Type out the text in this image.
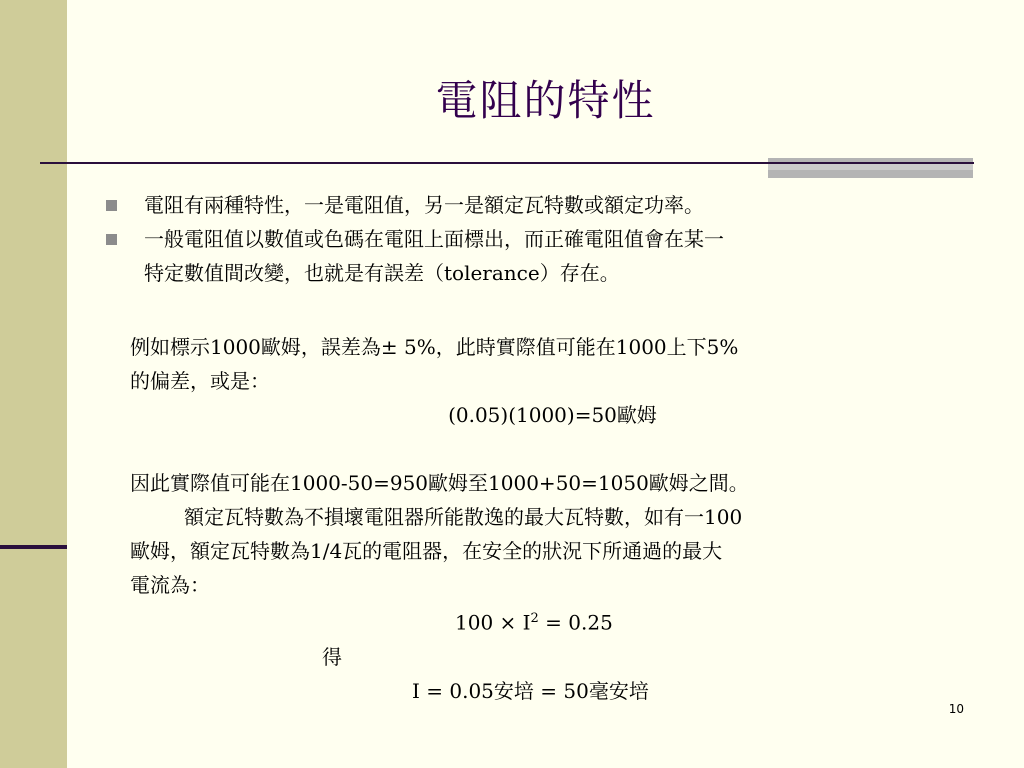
電阻的特性

電阻有兩種特性，一是電阻值，另一是額定瓦特數或額定功率。

一般電阻值以數值或色碼在電阻上面標出，而正確電阻值會在某一

特定數值間改變，也就是有誤差（tolerance）存在。

例如標示1000歐姆，誤差為± 5%，此時實際值可能在1000上下5%

的偏差，或是：

(0.05)(1000)=50歐姆

因此實際值可能在1000-50=950歐姆至1000+50=1050歐姆之間。

額定瓦特數為不損壞電阻器所能散逸的最大瓦特數，如有一100

歐姆，額定瓦特數為1/4瓦的電阻器，在安全的狀況下所通過的最大

電流為：

$100 \times I^2 = 0.25$

得

I = 0.05安培 = 50毫安培

10
